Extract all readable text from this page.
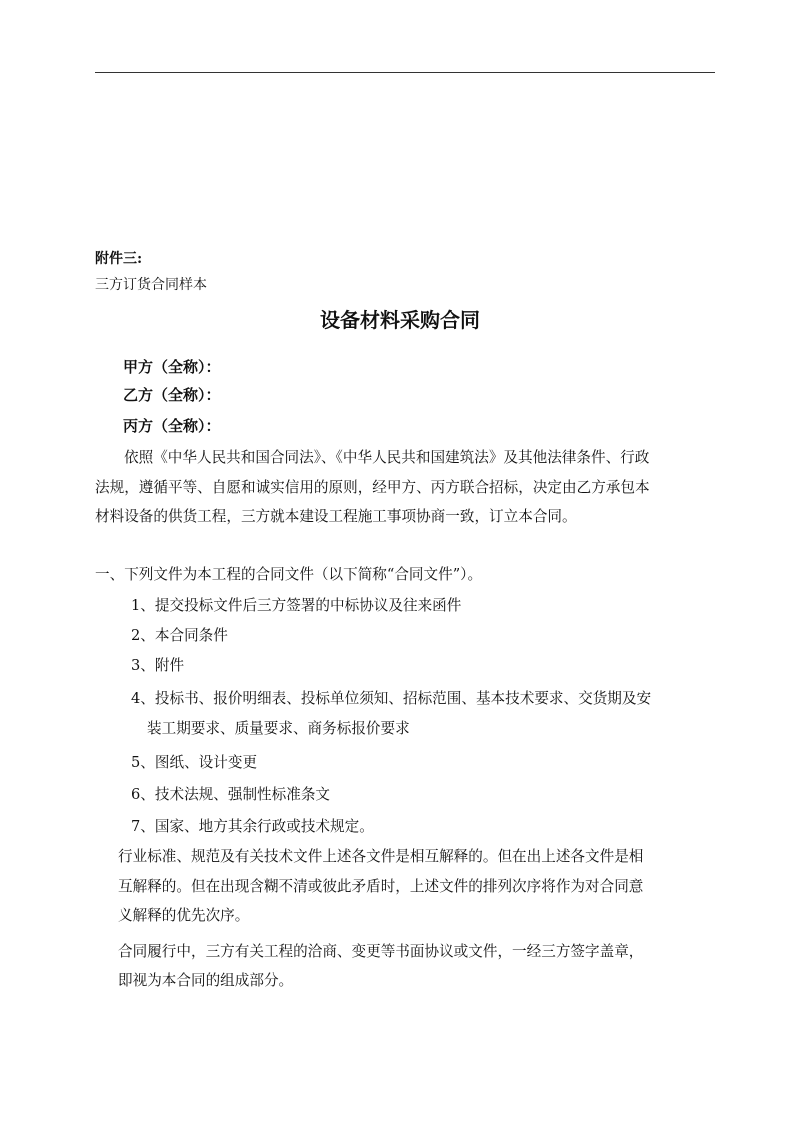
附件三:
三方订货合同样本
设备材料采购合同
甲方（全称）：
乙方（全称）：
丙方（全称）：
依照《中华人民共和国合同法》、《中华人民共和国建筑法》及其他法律条件、行政
法规，遵循平等、自愿和诚实信用的原则，经甲方、丙方联合招标，决定由乙方承包本
材料设备的供货工程，三方就本建设工程施工事项协商一致，订立本合同。
一、下列文件为本工程的合同文件（以下简称“合同文件”）。
1、提交投标文件后三方签署的中标协议及往来函件
2、本合同条件
3、附件
4、投标书、报价明细表、投标单位须知、招标范围、基本技术要求、交货期及安
装工期要求、质量要求、商务标报价要求
5、图纸、设计变更
6、技术法规、强制性标准条文
7、国家、地方其余行政或技术规定。
行业标准、规范及有关技术文件上述各文件是相互解释的。但在出上述各文件是相
互解释的。但在出现含糊不清或彼此矛盾时，上述文件的排列次序将作为对合同意
义解释的优先次序。
合同履行中，三方有关工程的洽商、变更等书面协议或文件，一经三方签字盖章，
即视为本合同的组成部分。
